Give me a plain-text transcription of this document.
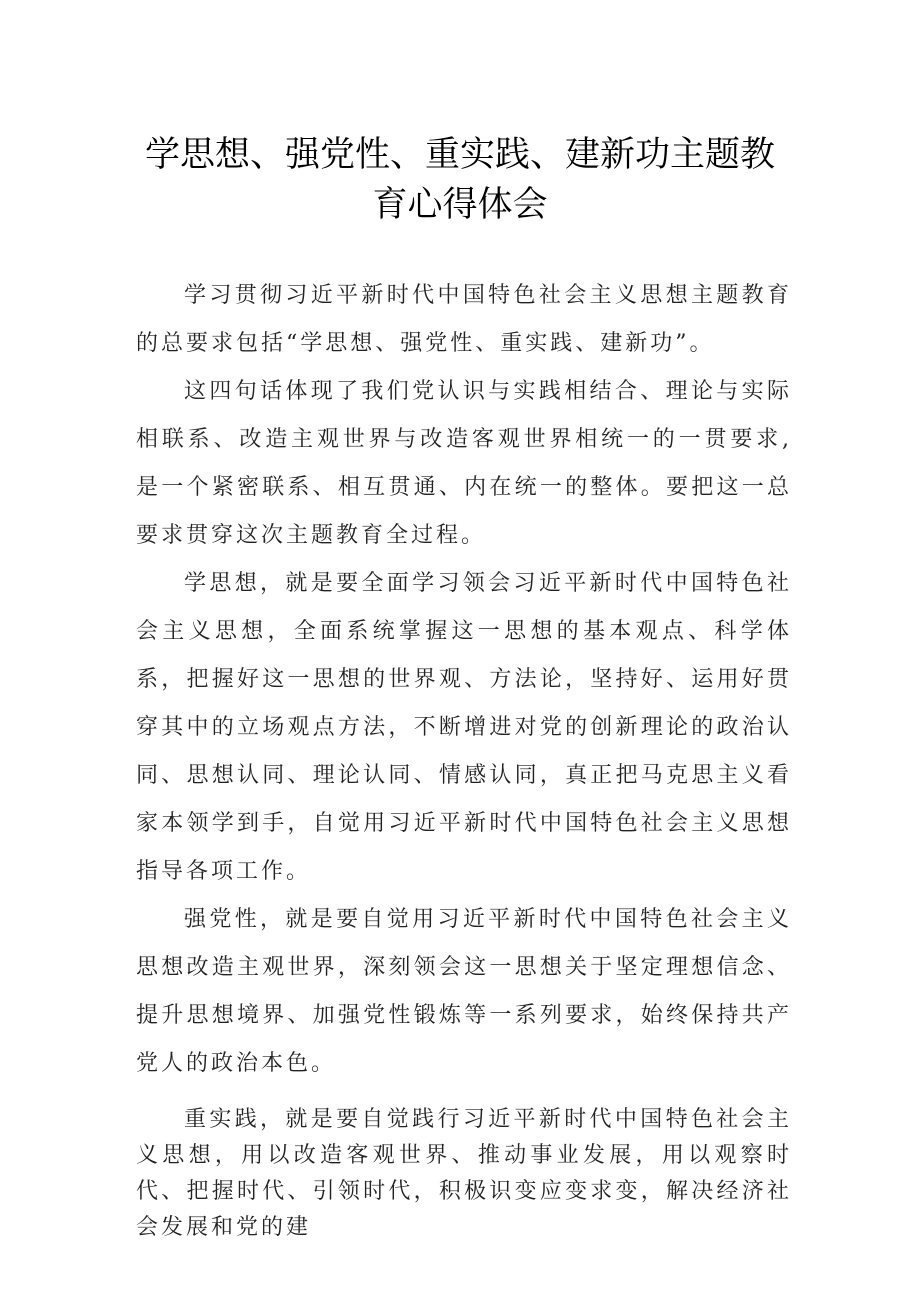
学思想、强党性、重实践、建新功主题教
育心得体会

学习贯彻习近平新时代中国特色社会主义思想主题教育的总要求包括“学思想、强党性、重实践、建新功”。

这四句话体现了我们党认识与实践相结合、理论与实际相联系、改造主观世界与改造客观世界相统一的一贯要求,是一个紧密联系、相互贯通、内在统一的整体。要把这一总要求贯穿这次主题教育全过程。

学思想，就是要全面学习领会习近平新时代中国特色社会主义思想，全面系统掌握这一思想的基本观点、科学体系，把握好这一思想的世界观、方法论，坚持好、运用好贯穿其中的立场观点方法，不断增进对党的创新理论的政治认同、思想认同、理论认同、情感认同，真正把马克思主义看家本领学到手，自觉用习近平新时代中国特色社会主义思想指导各项工作。

强党性，就是要自觉用习近平新时代中国特色社会主义思想改造主观世界，深刻领会这一思想关于坚定理想信念、提升思想境界、加强党性锻炼等一系列要求，始终保持共产党人的政治本色。

重实践，就是要自觉践行习近平新时代中国特色社会主义思想，用以改造客观世界、推动事业发展，用以观察时代、把握时代、引领时代，积极识变应变求变，解决经济社会发展和党的建
